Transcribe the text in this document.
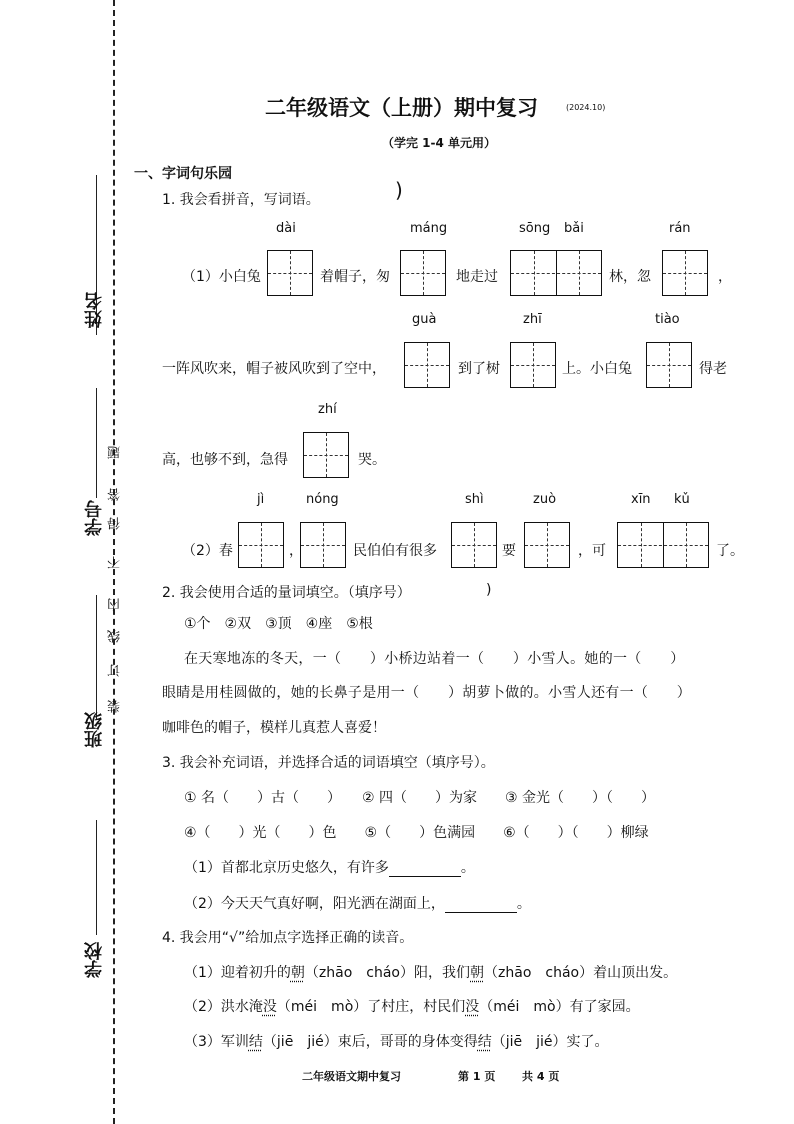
姓名
学号
班级
学校
题
答
得
不
内
线
订
装
二年级语文（上册）期中复习	(2024.10)
（学完 1-4 单元用）
一、字词句乐园
1. 我会看拼音，写词语。	)
dài	máng	sōng bǎi	rán
（1）小白兔	着帽子，匆	地走过	林，忽	，
guà	zhī	tiào
一阵风吹来，帽子被风吹到了空中，	到了树	上。小白兔	得老
zhí
高，也够不到，急得	哭。
jì	nóng	shì	zuò	xīn kǔ
（2）春	，	民伯伯有很多	要	，可	了。
2. 我会使用合适的量词填空。（填序号）	)
①个　②双　③顶　④座　⑤根
在天寒地冻的冬天，一（　　）小桥边站着一（　　）小雪人。她的一（　　）
眼睛是用桂圆做的，她的长鼻子是用一（　　）胡萝卜做的。小雪人还有一（　　）
咖啡色的帽子，模样儿真惹人喜爱！
3. 我会补充词语，并选择合适的词语填空（填序号）。
① 名（　　）古（　　）　　② 四（　　）为家　　③ 金光（　　）（　　）
④（　　）光（　　）色　　⑤（　　）色满园　　⑥（　　）（　　）柳绿
（1）首都北京历史悠久，有许多	。
（2）今天天气真好啊，阳光洒在湖面上，	。
4. 我会用“√”给加点字选择正确的读音。
（1）迎着初升的朝（zhāo　cháo）阳，我们朝（zhāo　cháo）着山顶出发。
（2）洪水淹没（méi　mò）了村庄，村民们没（méi　mò）有了家园。
（3）军训结（jiē　jié）束后，哥哥的身体变得结（jiē　jié）实了。
二年级语文期中复习	第 1 页 共 4 页
